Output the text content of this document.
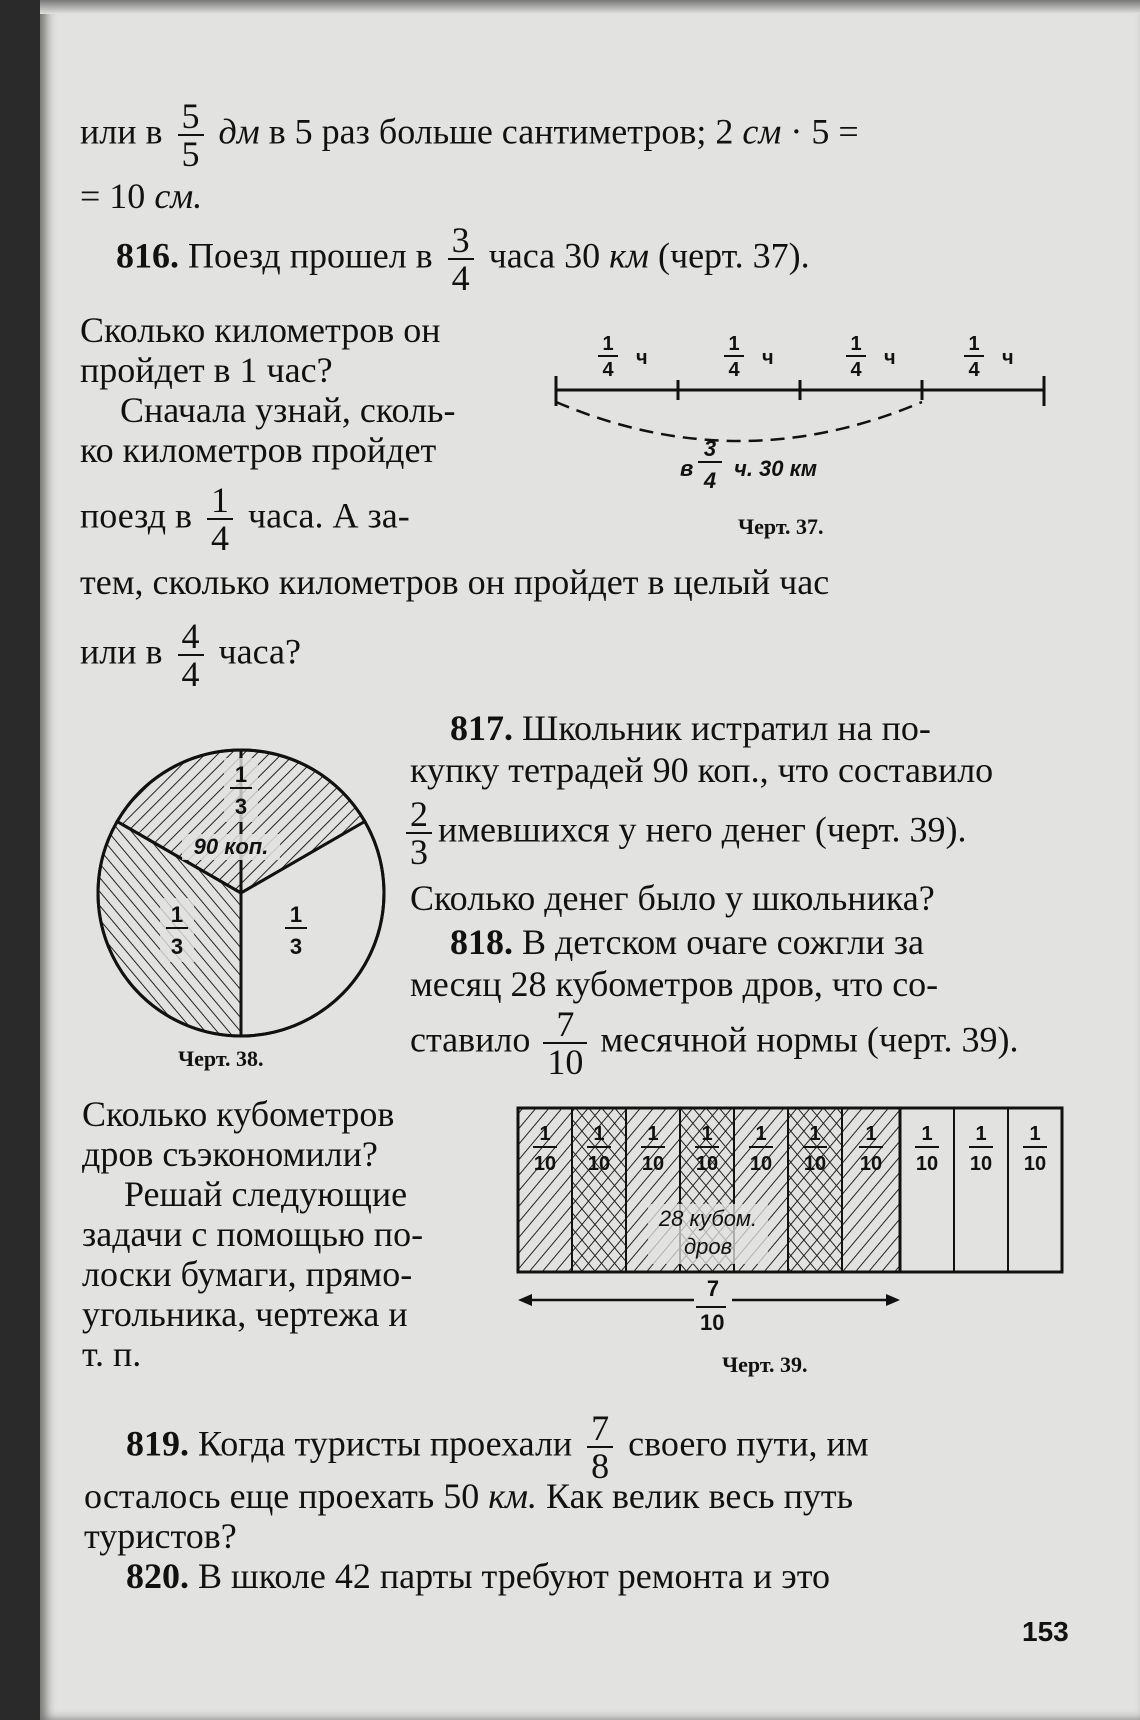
или в $\frac{5}{5}$ дм в 5 раз больше сантиметров; 2 см · 5 =
= 10 см.
816. Поезд прошел в $\frac{3}{4}$ часа 30 км (черт. 37).
Сколько километров он
пройдет в 1 час?
Сначала узнай, сколь-
ко километров пройдет
поезд в $\frac{1}{4}$ часа. А за-
тем, сколько километров он пройдет в целый час
или в $\frac{4}{4}$ часа?
1
4
ч
1
4
ч
1
4
ч
1
4
ч
в
3
4 ч. 30 км
Черт. 37.
1
3
90 коп.
1
3
1
3
Черт. 38.
817. Школьник истратил на по-
купку тетрадей 90 коп., что составило
$\frac{2}{3}$ имевшихся у него денег (черт. 39).
Сколько денег было у школьника?
818. В детском очаге сожгли за
месяц 28 кубометров дров, что со-
ставило $\frac{7}{10}$ месячной нормы (черт. 39).
Сколько кубометров
дров съэкономили?
Решай следующие
задачи с помощью по-
лоски бумаги, прямо-
угольника, чертежа и
т. п.
1
10
1
10
1
10
1
10
1
10
1
10
1
10
1
10
1
10
1
10
28 кубом.
дров
7
10
Черт. 39.
819. Когда туристы проехали $\frac{7}{8}$ своего пути, им
осталось еще проехать 50 км. Как велик весь путь
туристов?
820. В школе 42 парты требуют ремонта и это
153
